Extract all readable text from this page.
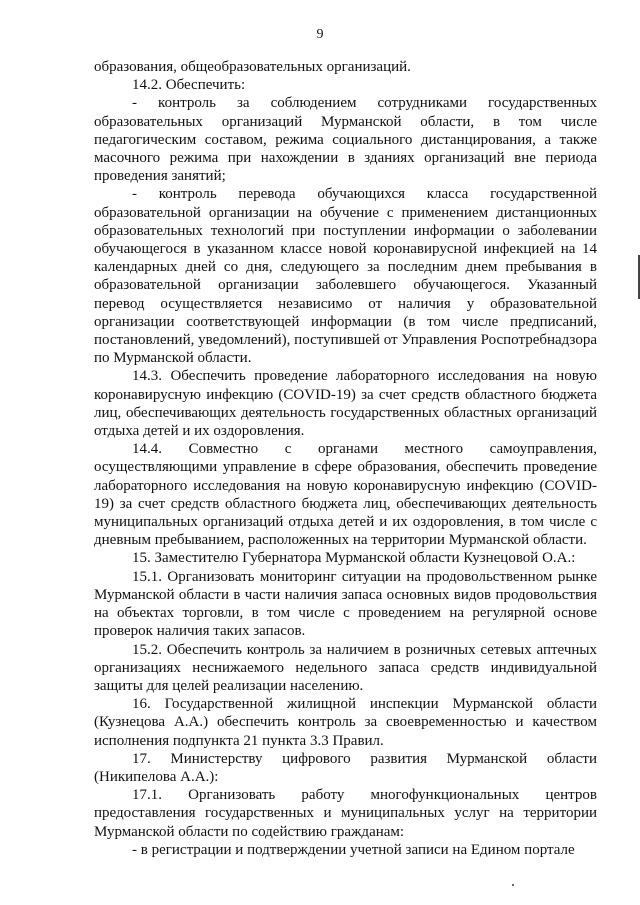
9

образования, общеобразовательных организаций.

14.2. Обеспечить:

- контроль за соблюдением сотрудниками государственных образовательных организаций Мурманской области, в том числе педагогическим составом, режима социального дистанцирования, а также масочного режима при нахождении в зданиях организаций вне периода проведения занятий;

- контроль перевода обучающихся класса государственной образовательной организации на обучение с применением дистанционных образовательных технологий при поступлении информации о заболевании обучающегося в указанном классе новой коронавирусной инфекцией на 14 календарных дней со дня, следующего за последним днем пребывания в образовательной организации заболевшего обучающегося. Указанный перевод осуществляется независимо от наличия у образовательной организации соответствующей информации (в том числе предписаний, постановлений, уведомлений), поступившей от Управления Роспотребнадзора по Мурманской области.

14.3. Обеспечить проведение лабораторного исследования на новую коронавирусную инфекцию (COVID-19) за счет средств областного бюджета лиц, обеспечивающих деятельность государственных областных организаций отдыха детей и их оздоровления.

14.4. Совместно с органами местного самоуправления, осуществляющими управление в сфере образования, обеспечить проведение лабораторного исследования на новую коронавирусную инфекцию (COVID-19) за счет средств областного бюджета лиц, обеспечивающих деятельность муниципальных организаций отдыха детей и их оздоровления, в том числе с дневным пребыванием, расположенных на территории Мурманской области.

15. Заместителю Губернатора Мурманской области Кузнецовой О.А.:

15.1. Организовать мониторинг ситуации на продовольственном рынке Мурманской области в части наличия запаса основных видов продовольствия на объектах торговли, в том числе с проведением на регулярной основе проверок наличия таких запасов.

15.2. Обеспечить контроль за наличием в розничных сетевых аптечных организациях неснижаемого недельного запаса средств индивидуальной защиты для целей реализации населению.

16. Государственной жилищной инспекции Мурманской области (Кузнецова А.А.) обеспечить контроль за своевременностью и качеством исполнения подпункта 21 пункта 3.3 Правил.

17. Министерству цифрового развития Мурманской области (Никипелова А.А.):

17.1. Организовать работу многофункциональных центров предоставления государственных и муниципальных услуг на территории Мурманской области по содействию гражданам:

- в регистрации и подтверждении учетной записи на Едином портале
